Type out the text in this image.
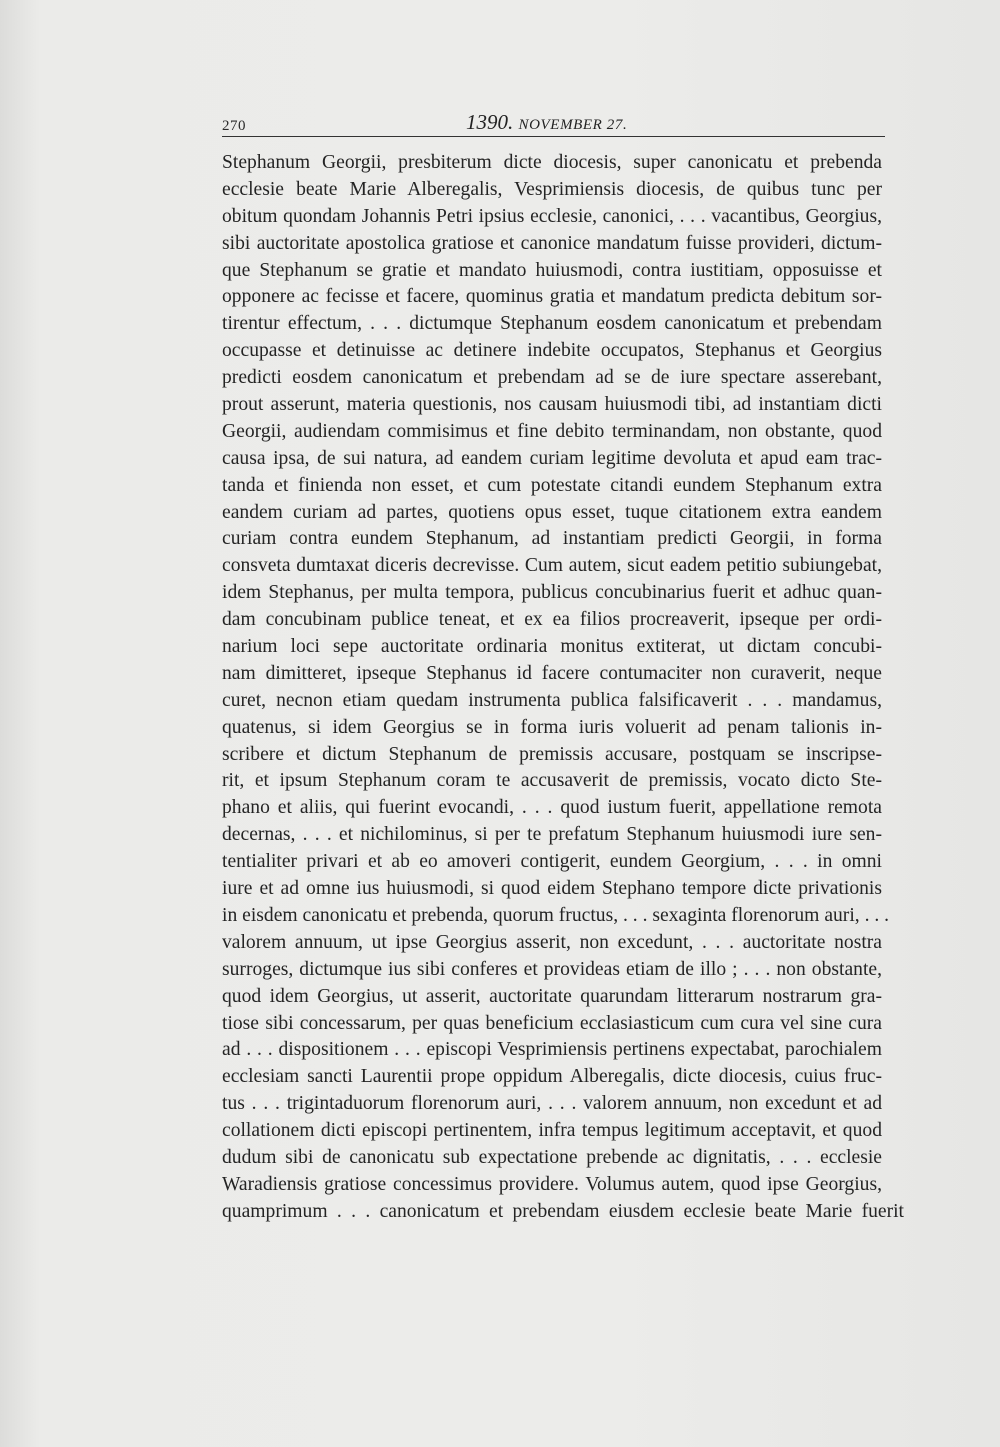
270	1390. NOVEMBER 27.
Stephanum Georgii, presbiterum dicte diocesis, super canonicatu et prebenda
ecclesie beate Marie Alberegalis, Vesprimiensis diocesis, de quibus tunc per
obitum quondam Johannis Petri ipsius ecclesie, canonici, . . . vacantibus, Georgius,
sibi auctoritate apostolica gratiose et canonice mandatum fuisse provideri, dictum-
que Stephanum se gratie et mandato huiusmodi, contra iustitiam, opposuisse et
opponere ac fecisse et facere, quominus gratia et mandatum predicta debitum sor-
tirentur effectum, . . . dictumque Stephanum eosdem canonicatum et prebendam
occupasse et detinuisse ac detinere indebite occupatos, Stephanus et Georgius
predicti eosdem canonicatum et prebendam ad se de iure spectare asserebant,
prout asserunt, materia questionis, nos causam huiusmodi tibi, ad instantiam dicti
Georgii, audiendam commisimus et fine debito terminandam, non obstante, quod
causa ipsa, de sui natura, ad eandem curiam legitime devoluta et apud eam trac-
tanda et finienda non esset, et cum potestate citandi eundem Stephanum extra
eandem curiam ad partes, quotiens opus esset, tuque citationem extra eandem
curiam contra eundem Stephanum, ad instantiam predicti Georgii, in forma
consveta dumtaxat diceris decrevisse. Cum autem, sicut eadem petitio subiungebat,
idem Stephanus, per multa tempora, publicus concubinarius fuerit et adhuc quan-
dam concubinam publice teneat, et ex ea filios procreaverit, ipseque per ordi-
narium loci sepe auctoritate ordinaria monitus extiterat, ut dictam concubi-
nam dimitteret, ipseque Stephanus id facere contumaciter non curaverit, neque
curet, necnon etiam quedam instrumenta publica falsificaverit . . . mandamus,
quatenus, si idem Georgius se in forma iuris voluerit ad penam talionis in-
scribere et dictum Stephanum de premissis accusare, postquam se inscripse-
rit, et ipsum Stephanum coram te accusaverit de premissis, vocato dicto Ste-
phano et aliis, qui fuerint evocandi, . . . quod iustum fuerit, appellatione remota
decernas, . . . et nichilominus, si per te prefatum Stephanum huiusmodi iure sen-
tentialiter privari et ab eo amoveri contigerit, eundem Georgium, . . . in omni
iure et ad omne ius huiusmodi, si quod eidem Stephano tempore dicte privationis
in eisdem canonicatu et prebenda, quorum fructus, . . . sexaginta florenorum auri, . . .
valorem annuum, ut ipse Georgius asserit, non excedunt, . . . auctoritate nostra
surroges, dictumque ius sibi conferes et provideas etiam de illo ; . . . non obstante,
quod idem Georgius, ut asserit, auctoritate quarundam litterarum nostrarum gra-
tiose sibi concessarum, per quas beneficium ecclasiasticum cum cura vel sine cura
ad . . . dispositionem . . . episcopi Vesprimiensis pertinens expectabat, parochialem
ecclesiam sancti Laurentii prope oppidum Alberegalis, dicte diocesis, cuius fruc-
tus . . . trigintaduorum florenorum auri, . . . valorem annuum, non excedunt et ad
collationem dicti episcopi pertinentem, infra tempus legitimum acceptavit, et quod
dudum sibi de canonicatu sub expectatione prebende ac dignitatis, . . . ecclesie
Waradiensis gratiose concessimus providere. Volumus autem, quod ipse Georgius,
quamprimum . . . canonicatum et prebendam eiusdem ecclesie beate Marie fuerit
